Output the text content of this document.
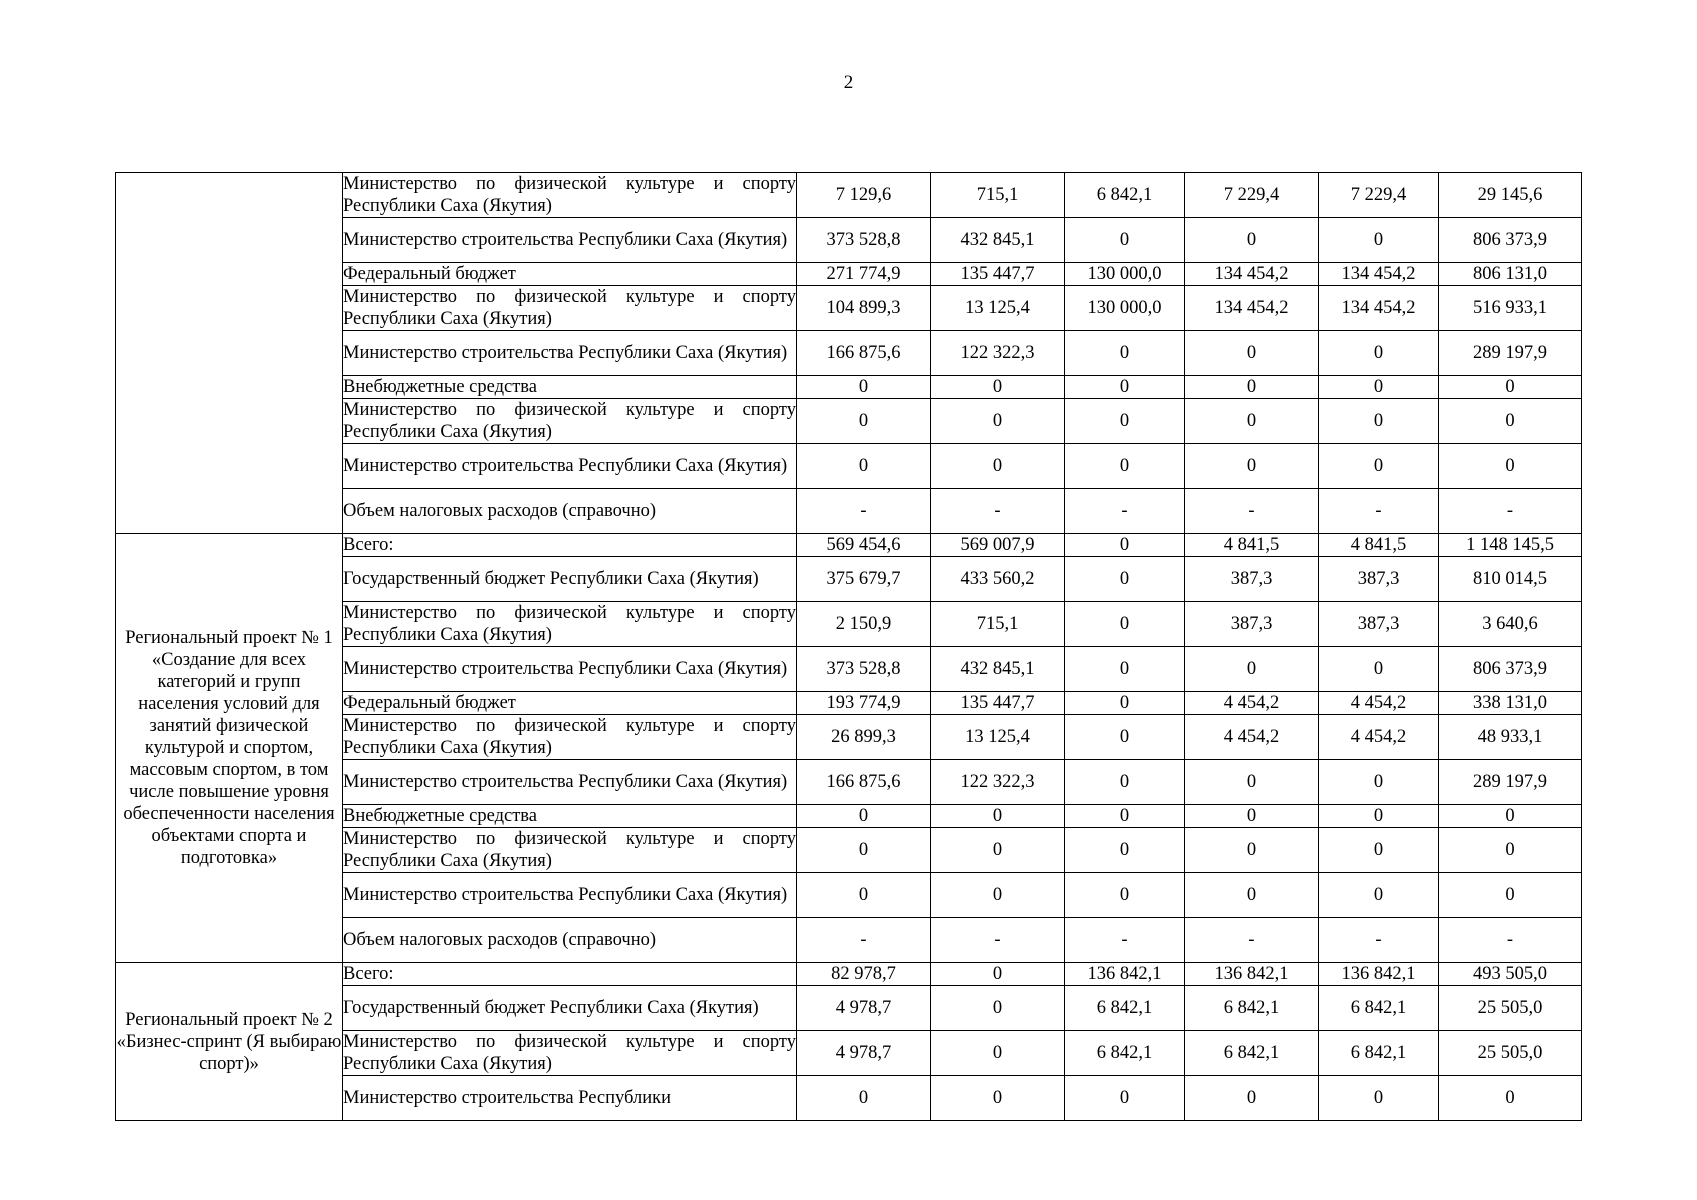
2
	Министерство по физической культуре и спорту Республики Саха (Якутия)	7 129,6	715,1	6 842,1	7 229,4	7 229,4	29 145,6
	Министерство строительства Республики Саха (Якутия)	373 528,8	432 845,1	0	0	0	806 373,9
	Федеральный бюджет	271 774,9	135 447,7	130 000,0	134 454,2	134 454,2	806 131,0
	Министерство по физической культуре и спорту Республики Саха (Якутия)	104 899,3	13 125,4	130 000,0	134 454,2	134 454,2	516 933,1
	Министерство строительства Республики Саха (Якутия)	166 875,6	122 322,3	0	0	0	289 197,9
	Внебюджетные средства	0	0	0	0	0	0
	Министерство по физической культуре и спорту Республики Саха (Якутия)	0	0	0	0	0	0
	Министерство строительства Республики Саха (Якутия)	0	0	0	0	0	0
	Объем налоговых расходов (справочно)	-	-	-	-	-	-
Региональный проект № 1 «Создание для всех категорий и групп населения условий для занятий физической культурой и спортом, массовым спортом, в том числе повышение уровня обеспеченности населения объектами спорта и подготовка»	Всего:	569 454,6	569 007,9	0	4 841,5	4 841,5	1 148 145,5
	Государственный бюджет Республики Саха (Якутия)	375 679,7	433 560,2	0	387,3	387,3	810 014,5
	Министерство по физической культуре и спорту Республики Саха (Якутия)	2 150,9	715,1	0	387,3	387,3	3 640,6
	Министерство строительства Республики Саха (Якутия)	373 528,8	432 845,1	0	0	0	806 373,9
	Федеральный бюджет	193 774,9	135 447,7	0	4 454,2	4 454,2	338 131,0
	Министерство по физической культуре и спорту Республики Саха (Якутия)	26 899,3	13 125,4	0	4 454,2	4 454,2	48 933,1
	Министерство строительства Республики Саха (Якутия)	166 875,6	122 322,3	0	0	0	289 197,9
	Внебюджетные средства	0	0	0	0	0	0
	Министерство по физической культуре и спорту Республики Саха (Якутия)	0	0	0	0	0	0
	Министерство строительства Республики Саха (Якутия)	0	0	0	0	0	0
	Объем налоговых расходов (справочно)	-	-	-	-	-	-
Региональный проект № 2 «Бизнес-спринт (Я выбираю спорт)»	Всего:	82 978,7	0	136 842,1	136 842,1	136 842,1	493 505,0
	Государственный бюджет Республики Саха (Якутия)	4 978,7	0	6 842,1	6 842,1	6 842,1	25 505,0
	Министерство по физической культуре и спорту Республики Саха (Якутия)	4 978,7	0	6 842,1	6 842,1	6 842,1	25 505,0
	Министерство строительства Республики	0	0	0	0	0	0
